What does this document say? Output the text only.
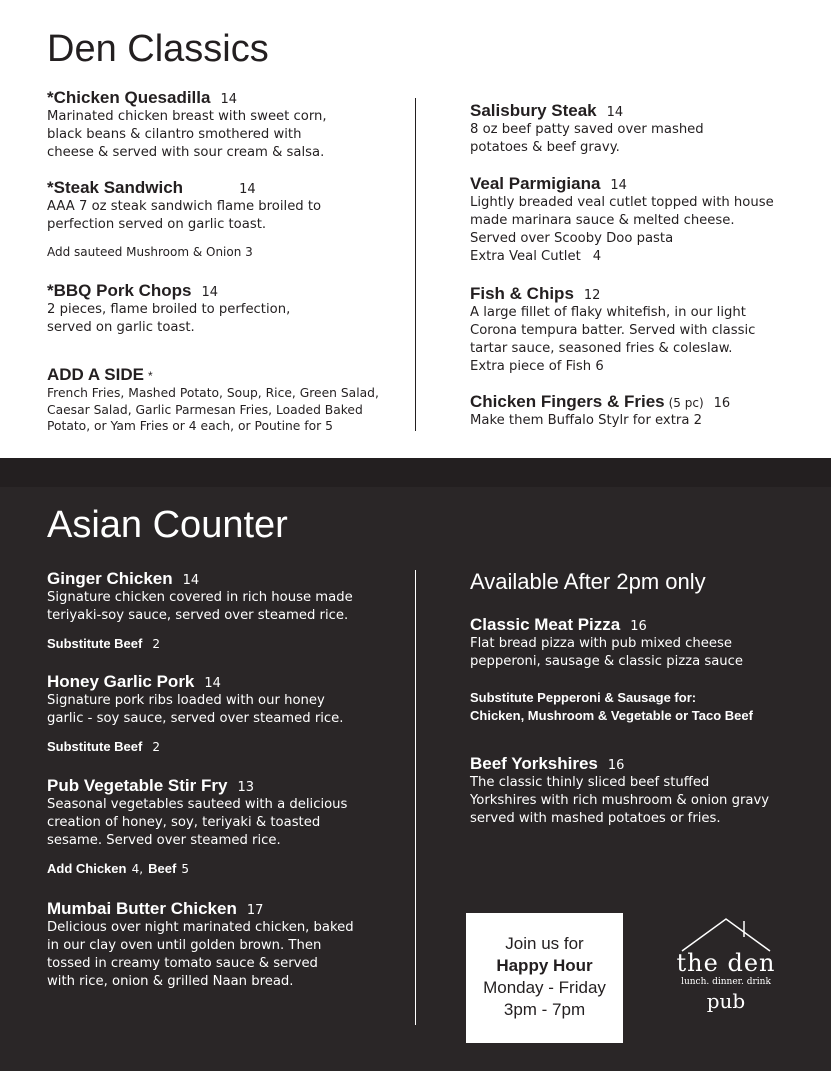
Den Classics
*Chicken Quesadilla 14
Marinated chicken breast with sweet corn,
black beans & cilantro smothered with
cheese & served with sour cream & salsa.
*Steak Sandwich	14
AAA 7 oz steak sandwich flame broiled to
perfection served on garlic toast.
Add sauteed Mushroom & Onion 3
*BBQ Pork Chops 14
2 pieces, flame broiled to perfection,
served on garlic toast.
ADD A SIDE *
French Fries, Mashed Potato, Soup, Rice, Green Salad,
Caesar Salad, Garlic Parmesan Fries, Loaded Baked
Potato, or Yam Fries or 4 each, or Poutine for 5
Salisbury Steak 14
8 oz beef patty saved over mashed
potatoes & beef gravy.
Veal Parmigiana 14
Lightly breaded veal cutlet topped with house
made marinara sauce & melted cheese.
Served over Scooby Doo pasta
Extra Veal Cutlet 4
Fish & Chips 12
A large fillet of flaky whitefish, in our light
Corona tempura batter. Served with classic
tartar sauce, seasoned fries & coleslaw.
Extra piece of Fish 6
Chicken Fingers & Fries (5 pc) 16
Make them Buffalo Stylr for extra 2
Asian Counter
Ginger Chicken 14
Signature chicken covered in rich house made
teriyaki-soy sauce, served over steamed rice.
Substitute Beef 2
Honey Garlic Pork 14
Signature pork ribs loaded with our honey
garlic - soy sauce, served over steamed rice.
Substitute Beef 2
Pub Vegetable Stir Fry 13
Seasonal vegetables sauteed with a delicious
creation of honey, soy, teriyaki & toasted
sesame. Served over steamed rice.
Add Chicken 4, Beef 5
Mumbai Butter Chicken 17
Delicious over night marinated chicken, baked
in our clay oven until golden brown. Then
tossed in creamy tomato sauce & served
with rice, onion & grilled Naan bread.
Available After 2pm only
Classic Meat Pizza 16
Flat bread pizza with pub mixed cheese
pepperoni, sausage & classic pizza sauce
Substitute Pepperoni & Sausage for:
Chicken, Mushroom & Vegetable or Taco Beef
Beef Yorkshires 16
The classic thinly sliced beef stuffed
Yorkshires with rich mushroom & onion gravy
served with mashed potatoes or fries.
Join us for
Happy Hour
Monday - Friday
3pm - 7pm
the den
lunch. dinner. drink
pub
